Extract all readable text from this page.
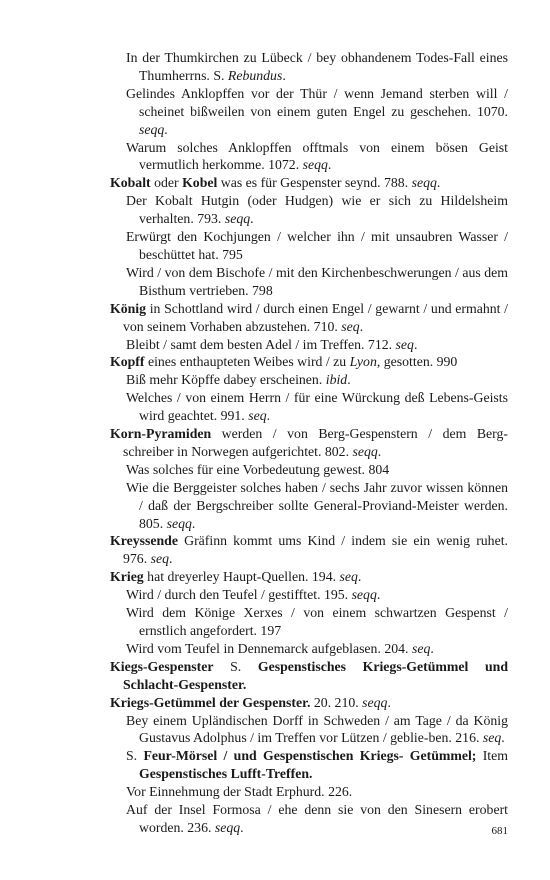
In der Thumkirchen zu Lübeck / bey obhandenem Todes-Fall eines Thumherrns. S. Rebundus.

Gelindes Anklopffen vor der Thür / wenn Jemand sterben will / scheinet bißweilen von einem guten Engel zu geschehen. 1070. seqq.

Warum solches Anklopffen offtmals von einem bösen Geist vermutlich herkomme. 1072. seqq.

Kobalt oder Kobel was es für Gespenster seynd. 788. seqq.

Der Kobalt Hutgin (oder Hudgen) wie er sich zu Hildelsheim verhalten. 793. seqq.

Erwürgt den Kochjungen / welcher ihn / mit unsaubren Wasser / beschüttet hat. 795

Wird / von dem Bischofe / mit den Kirchenbeschwerungen / aus dem Bisthum vertrieben. 798

König in Schottland wird / durch einen Engel / gewarnt / und ermahnt / von seinem Vorhaben abzustehen. 710. seq.

Bleibt / samt dem besten Adel / im Treffen. 712. seq.

Kopff eines enthaupteten Weibes wird / zu Lyon, gesotten. 990

Biß mehr Köpffe dabey erscheinen. ibid.

Welches / von einem Herrn / für eine Würckung deß Lebens-Geists wird geachtet. 991. seq.

Korn-Pyramiden werden / von Berg-Gespenstern / dem Berg-schreiber in Norwegen aufgerichtet. 802. seqq.

Was solches für eine Vorbedeutung gewest. 804

Wie die Berggeister solches haben / sechs Jahr zuvor wissen können / daß der Bergschreiber sollte General-Proviand-Meister werden. 805. seqq.

Kreyssende Gräfinn kommt ums Kind / indem sie ein wenig ruhet. 976. seq.

Krieg hat dreyerley Haupt-Quellen. 194. seq.

Wird / durch den Teufel / gestifftet. 195. seqq.

Wird dem Könige Xerxes / von einem schwartzen Gespenst / ernstlich angefordert. 197

Wird vom Teufel in Dennemarck aufgeblasen. 204. seq.

Kiegs-Gespenster S. Gespenstisches Kriegs-Getümmel und Schlacht-Gespenster.

Kriegs-Getümmel der Gespenster. 20. 210. seqq.

Bey einem Upländischen Dorff in Schweden / am Tage / da König Gustavus Adolphus / im Treffen vor Lützen / geblie-ben. 216. seq.

S. Feur-Mörsel / und Gespenstischen Kriegs- Getümmel; Item Gespenstisches Lufft-Treffen.

Vor Einnehmung der Stadt Erphurd. 226.

Auf der Insel Formosa / ehe denn sie von den Sinesern erobert worden. 236. seqq.	681
